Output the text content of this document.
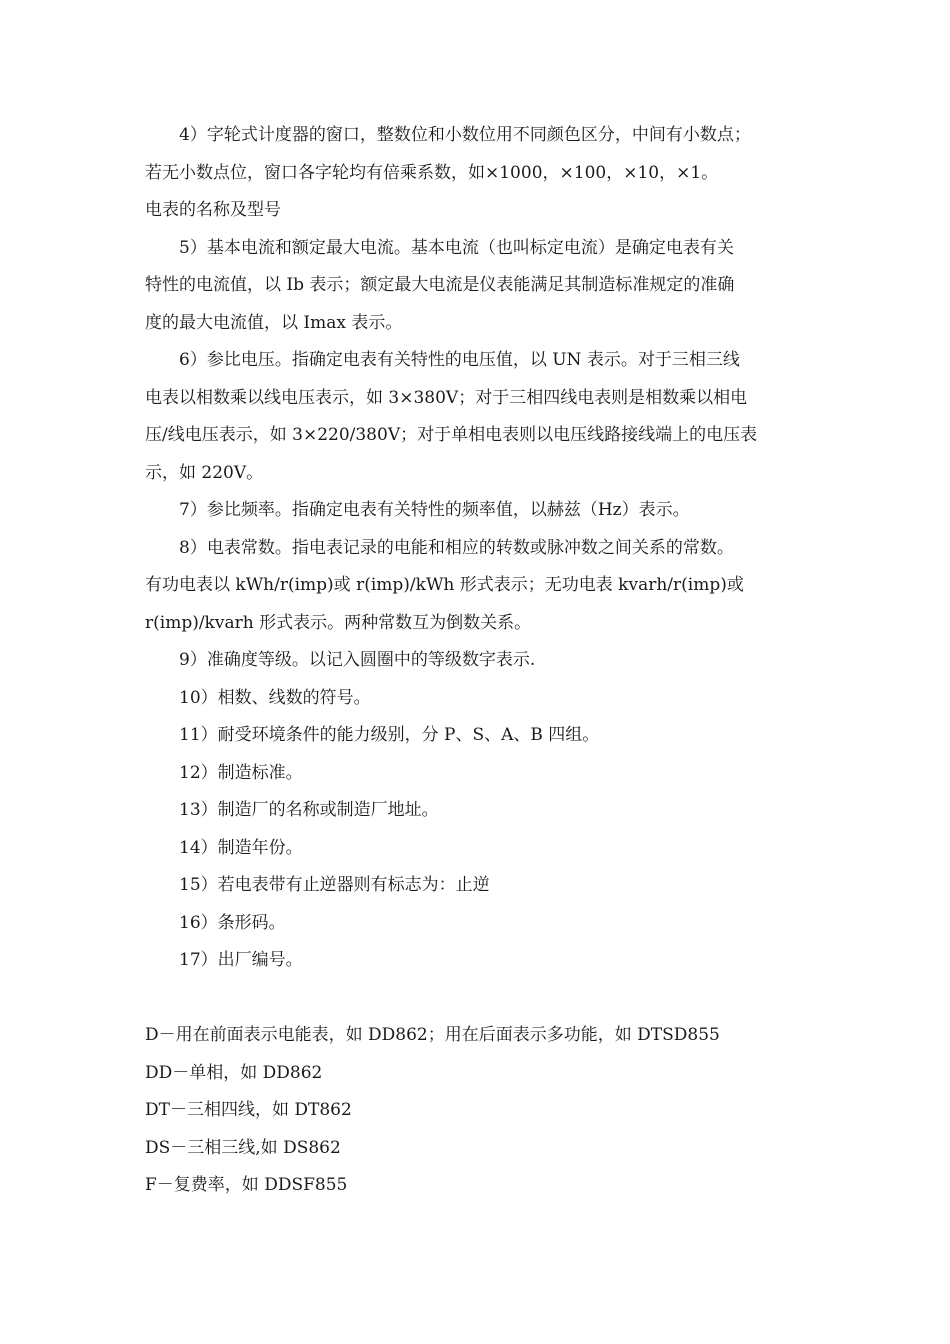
4）字轮式计度器的窗口，整数位和小数位用不同颜色区分，中间有小数点；
若无小数点位，窗口各字轮均有倍乘系数，如×1000，×100，×10，×1。
电表的名称及型号
5）基本电流和额定最大电流。基本电流（也叫标定电流）是确定电表有关
特性的电流值，以 Ib 表示；额定最大电流是仪表能满足其制造标准规定的准确
度的最大电流值，以 Imax 表示。
6）参比电压。指确定电表有关特性的电压值，以 UN 表示。对于三相三线
电表以相数乘以线电压表示，如 3×380V；对于三相四线电表则是相数乘以相电
压/线电压表示，如 3×220/380V；对于单相电表则以电压线路接线端上的电压表
示，如 220V。
7）参比频率。指确定电表有关特性的频率值，以赫兹（Hz）表示。
8）电表常数。指电表记录的电能和相应的转数或脉冲数之间关系的常数。
有功电表以 kWh/r(imp)或 r(imp)/kWh 形式表示；无功电表 kvarh/r(imp)或
r(imp)/kvarh 形式表示。两种常数互为倒数关系。
9）准确度等级。以记入圆圈中的等级数字表示.
10）相数、线数的符号。
11）耐受环境条件的能力级别，分 P、S、A、B 四组。
12）制造标准。
13）制造厂的名称或制造厂地址。
14）制造年份。
15）若电表带有止逆器则有标志为：止逆
16）条形码。
17）出厂编号。
D－用在前面表示电能表，如 DD862；用在后面表示多功能，如 DTSD855
DD－单相，如 DD862
DT－三相四线，如 DT862
DS－三相三线,如 DS862
F－复费率，如 DDSF855
